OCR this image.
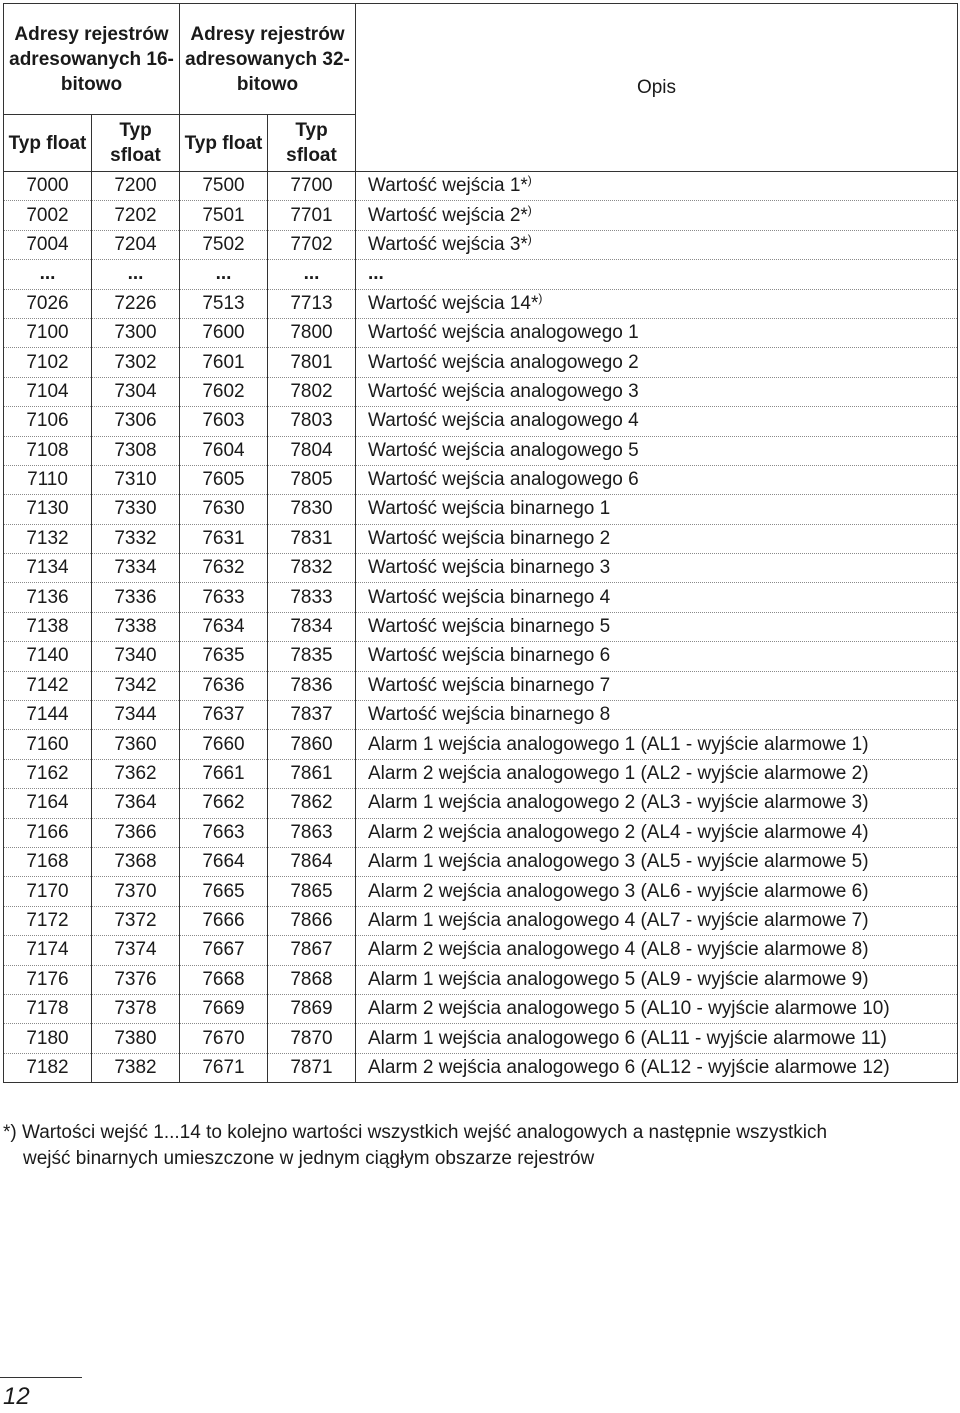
Adresy rejestrów adresowanych 16-bitowo		Adresy rejestrów adresowanych 32-bitowo		Opis
Typ float	Typ sfloat	Typ float	Typ sfloat	
7000	7200	7500	7700	Wartość wejścia 1*)
7002	7202	7501	7701	Wartość wejścia 2*)
7004	7204	7502	7702	Wartość wejścia 3*)
...	...	...	...	...
7026	7226	7513	7713	Wartość wejścia 14*)
7100	7300	7600	7800	Wartość wejścia analogowego 1
7102	7302	7601	7801	Wartość wejścia analogowego 2
7104	7304	7602	7802	Wartość wejścia analogowego 3
7106	7306	7603	7803	Wartość wejścia analogowego 4
7108	7308	7604	7804	Wartość wejścia analogowego 5
7110	7310	7605	7805	Wartość wejścia analogowego 6
7130	7330	7630	7830	Wartość wejścia binarnego 1
7132	7332	7631	7831	Wartość wejścia binarnego 2
7134	7334	7632	7832	Wartość wejścia binarnego 3
7136	7336	7633	7833	Wartość wejścia binarnego 4
7138	7338	7634	7834	Wartość wejścia binarnego 5
7140	7340	7635	7835	Wartość wejścia binarnego 6
7142	7342	7636	7836	Wartość wejścia binarnego 7
7144	7344	7637	7837	Wartość wejścia binarnego 8
7160	7360	7660	7860	Alarm 1 wejścia analogowego 1 (AL1 - wyjście alarmowe 1)
7162	7362	7661	7861	Alarm 2 wejścia analogowego 1 (AL2 - wyjście alarmowe 2)
7164	7364	7662	7862	Alarm 1 wejścia analogowego 2 (AL3 - wyjście alarmowe 3)
7166	7366	7663	7863	Alarm 2 wejścia analogowego 2 (AL4 - wyjście alarmowe 4)
7168	7368	7664	7864	Alarm 1 wejścia analogowego 3 (AL5 - wyjście alarmowe 5)
7170	7370	7665	7865	Alarm 2 wejścia analogowego 3 (AL6 - wyjście alarmowe 6)
7172	7372	7666	7866	Alarm 1 wejścia analogowego 4 (AL7 - wyjście alarmowe 7)
7174	7374	7667	7867	Alarm 2 wejścia analogowego 4 (AL8 - wyjście alarmowe 8)
7176	7376	7668	7868	Alarm 1 wejścia analogowego 5 (AL9 - wyjście alarmowe 9)
7178	7378	7669	7869	Alarm 2 wejścia analogowego 5 (AL10 - wyjście alarmowe 10)
7180	7380	7670	7870	Alarm 1 wejścia analogowego 6 (AL11 - wyjście alarmowe 11)
7182	7382	7671	7871	Alarm 2 wejścia analogowego 6 (AL12 - wyjście alarmowe 12)
*) Wartości wejść 1...14 to kolejno wartości wszystkich wejść analogowych a następnie wszystkich
wejść binarnych umieszczone w jednym ciągłym obszarze rejestrów
12
